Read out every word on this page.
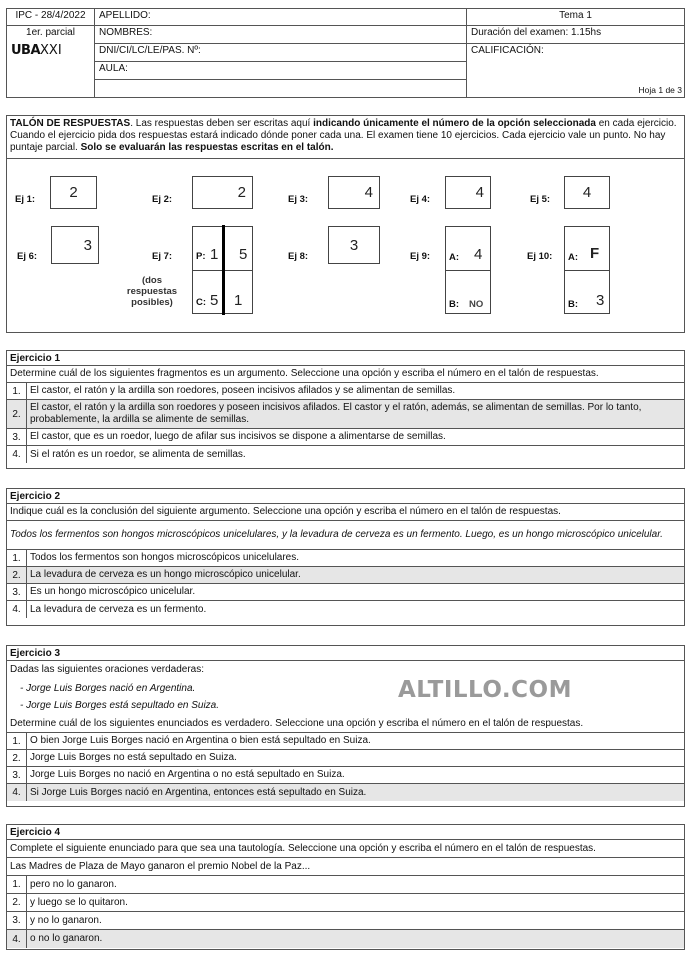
IPC - 28/4/2022	APELLIDO:	Tema 1
1er. parcial	NOMBRES:	Duración del examen: 1.15hs
UBAXXI	DNI/CI/LC/LE/PAS. Nº:	CALIFICACIÓN:
Hoja 1 de 3

	AULA:	

TALÓN DE RESPUESTAS. Las respuestas deben ser escritas aquí indicando únicamente el número de la opción seleccionada en cada ejercicio. Cuando el ejercicio pida dos respuestas estará indicado dónde poner cada una. El examen tiene 10 ejercicios. Cada ejercicio vale un punto. No hay puntaje parcial. Solo se evaluarán las respuestas escritas en el talón.
Ej 1: 2	Ej 2:	2	Ej 3:	4	Ej 4:	4	Ej 5: 4
Ej 6:
3
Ej 7:	P: 1 5
C: 5 1
(dos respuestas posibles)
Ej 8:
3
Ej 9: A: 4
B: NO
Ej 10: A: F
B: 3
Ejercicio 1
Determine cuál de los siguientes fragmentos es un argumento. Seleccione una opción y escriba el número en el talón de respuestas.
1. El castor, el ratón y la ardilla son roedores, poseen incisivos afilados y se alimentan de semillas.
2.
El castor, el ratón y la ardilla son roedores y poseen incisivos afilados. El castor y el ratón, además, se alimentan de semillas. Por lo tanto, probablemente, la ardilla se alimente de semillas.
3. El castor, que es un roedor, luego de afilar sus incisivos se dispone a alimentarse de semillas.
4. Si el ratón es un roedor, se alimenta de semillas.
Ejercicio 2
Indique cuál es la conclusión del siguiente argumento. Seleccione una opción y escriba el número en el talón de respuestas.
Todos los fermentos son hongos microscópicos unicelulares, y la levadura de cerveza es un fermento. Luego, es un hongo microscópico unicelular.
1. Todos los fermentos son hongos microscópicos unicelulares.
2. La levadura de cerveza es un hongo microscópico unicelular.
3. Es un hongo microscópico unicelular.
4. La levadura de cerveza es un fermento.
Ejercicio 3
Dadas las siguientes oraciones verdaderas:
- Jorge Luis Borges nació en Argentina.
- Jorge Luis Borges está sepultado en Suiza.
Determine cuál de los siguientes enunciados es verdadero. Seleccione una opción y escriba el número en el talón de respuestas.
1. O bien Jorge Luis Borges nació en Argentina o bien está sepultado en Suiza.
2. Jorge Luis Borges no está sepultado en Suiza.
3. Jorge Luis Borges no nació en Argentina o no está sepultado en Suiza.
4. Si Jorge Luis Borges nació en Argentina, entonces está sepultado en Suiza.
ALTILLO.COM
Ejercicio 4
Complete el siguiente enunciado para que sea una tautología. Seleccione una opción y escriba el número en el talón de respuestas.
Las Madres de Plaza de Mayo ganaron el premio Nobel de la Paz...
1. pero no lo ganaron.
2. y luego se lo quitaron.
3. y no lo ganaron.
4. o no lo ganaron.
